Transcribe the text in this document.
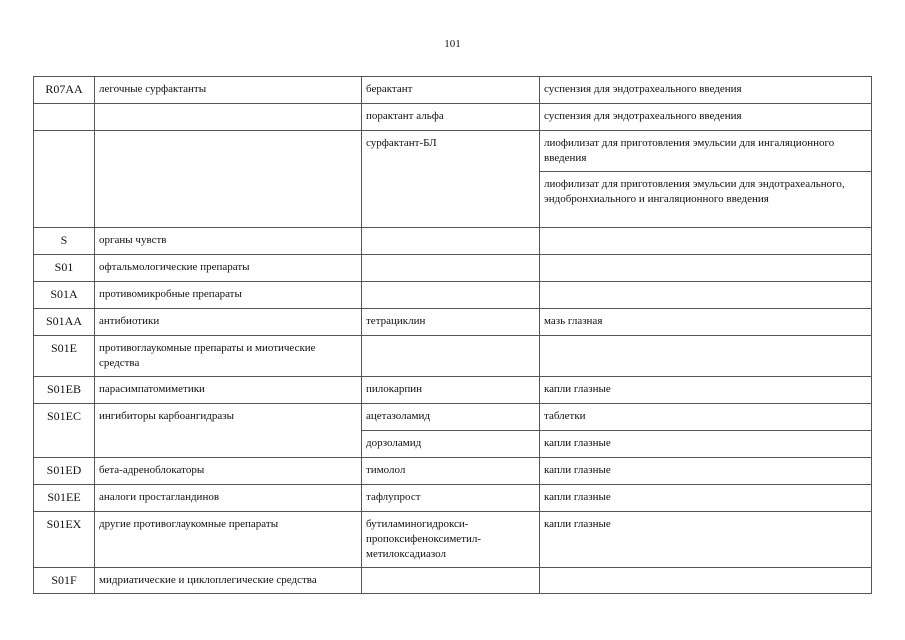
101
R07AA	легочные сурфактанты	берактант	суспензия для эндотрахеального введения
		порактант альфа	суспензия для эндотрахеального введения
		сурфактант-БЛ	лиофилизат для приготовления эмульсии для ингаляционного введения
			лиофилизат для приготовления эмульсии для эндотрахеального, эндобронхиального и ингаляционного введения
S	органы чувств		
S01	офтальмологические препараты		
S01A	противомикробные препараты		
S01AA	антибиотики	тетрациклин	мазь глазная
S01E	противоглаукомные препараты и миотические средства		
S01EB	парасимпатомиметики	пилокарпин	капли глазные
S01EC	ингибиторы карбоангидразы	ацетазоламид	таблетки
		дорзоламид	капли глазные
S01ED	бета-адреноблокаторы	тимолол	капли глазные
S01EE	аналоги простагландинов	тафлупрост	капли глазные
S01EX	другие противоглаукомные препараты	бутиламиногидрокси-пропоксифеноксиметил-метилоксадиазол	капли глазные
S01F	мидриатические и циклоплегические средства		
